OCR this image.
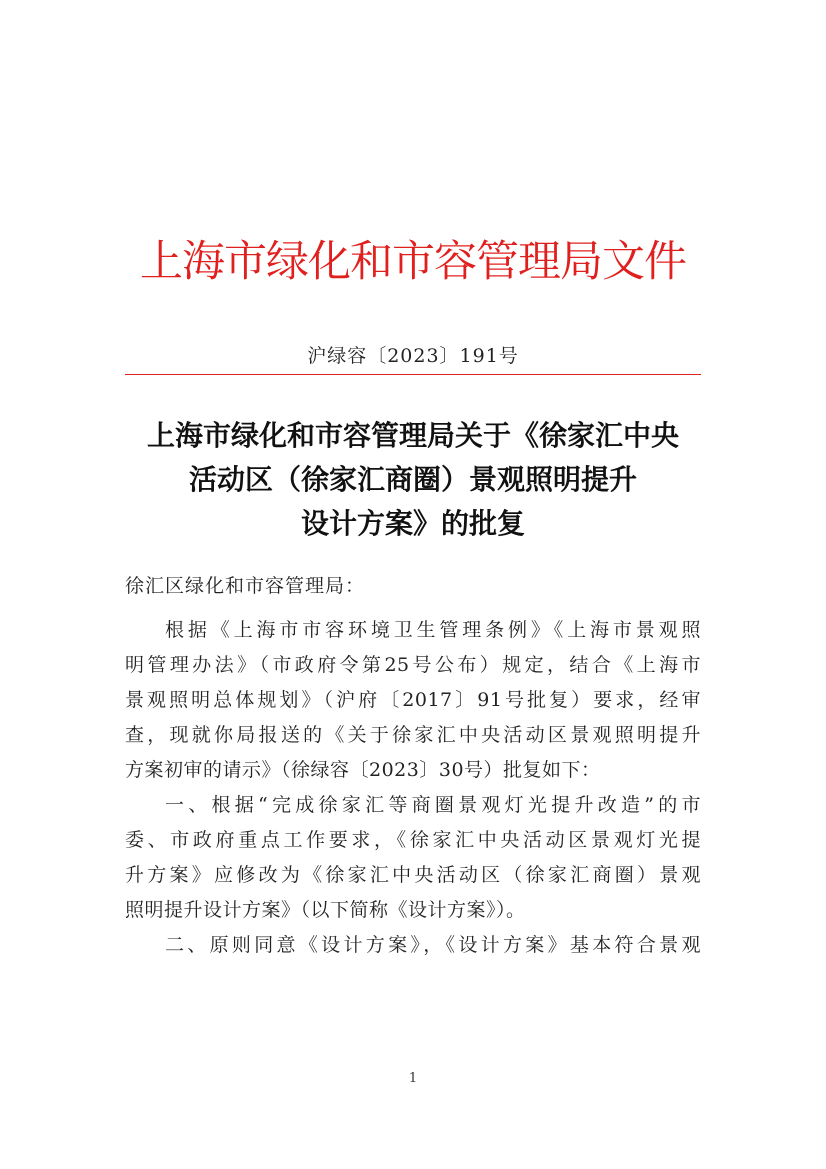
上海市绿化和市容管理局文件
沪绿容〔2023〕191号
上海市绿化和市容管理局关于《徐家汇中央
活动区（徐家汇商圈）景观照明提升
设计方案》的批复
徐汇区绿化和市容管理局：
根据《上海市市容环境卫生管理条例》《上海市景观照
明管理办法》（市政府令第25号公布）规定，结合《上海市
景观照明总体规划》（沪府〔2017〕91号批复）要求，经审
查，现就你局报送的《关于徐家汇中央活动区景观照明提升
方案初审的请示》（徐绿容〔2023〕30号）批复如下：
一、根据“完成徐家汇等商圈景观灯光提升改造”的市
委、市政府重点工作要求，《徐家汇中央活动区景观灯光提
升方案》应修改为《徐家汇中央活动区（徐家汇商圈）景观
照明提升设计方案》（以下简称《设计方案》）。
二、原则同意《设计方案》，《设计方案》基本符合景观
1
